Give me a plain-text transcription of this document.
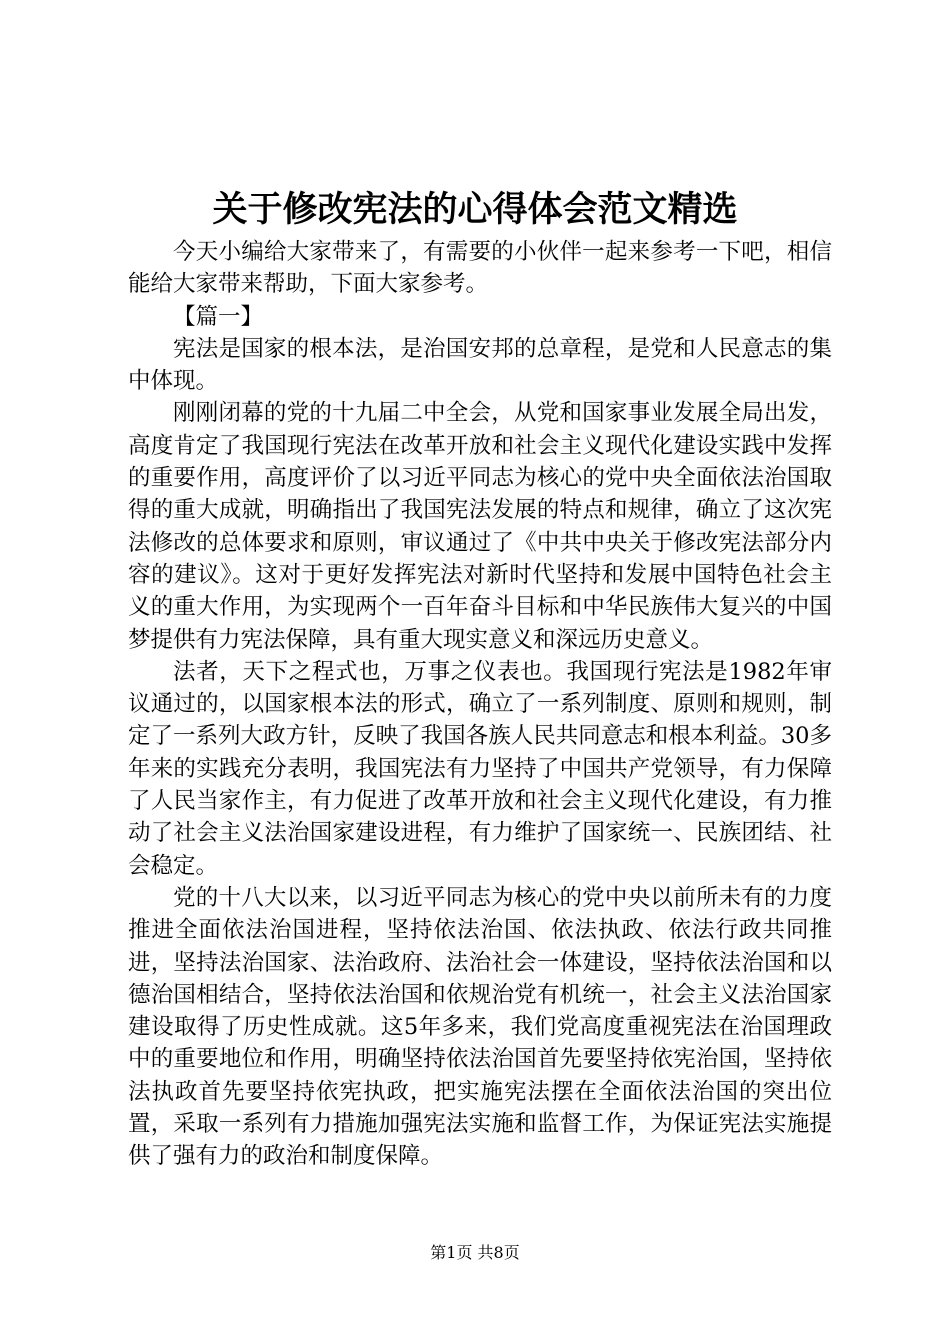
关于修改宪法的心得体会范文精选

今天小编给大家带来了，有需要的小伙伴一起来参考一下吧，相信能给大家带来帮助，下面大家参考。

【篇一】

宪法是国家的根本法，是治国安邦的总章程，是党和人民意志的集中体现。

刚刚闭幕的党的十九届二中全会，从党和国家事业发展全局出发，高度肯定了我国现行宪法在改革开放和社会主义现代化建设实践中发挥的重要作用，高度评价了以习近平同志为核心的党中央全面依法治国取得的重大成就，明确指出了我国宪法发展的特点和规律，确立了这次宪法修改的总体要求和原则，审议通过了《中共中央关于修改宪法部分内容的建议》。这对于更好发挥宪法对新时代坚持和发展中国特色社会主义的重大作用，为实现两个一百年奋斗目标和中华民族伟大复兴的中国梦提供有力宪法保障，具有重大现实意义和深远历史意义。

法者，天下之程式也，万事之仪表也。我国现行宪法是1982年审议通过的，以国家根本法的形式，确立了一系列制度、原则和规则，制定了一系列大政方针，反映了我国各族人民共同意志和根本利益。30多年来的实践充分表明，我国宪法有力坚持了中国共产党领导，有力保障了人民当家作主，有力促进了改革开放和社会主义现代化建设，有力推动了社会主义法治国家建设进程，有力维护了国家统一、民族团结、社会稳定。

党的十八大以来，以习近平同志为核心的党中央以前所未有的力度推进全面依法治国进程，坚持依法治国、依法执政、依法行政共同推进，坚持法治国家、法治政府、法治社会一体建设，坚持依法治国和以德治国相结合，坚持依法治国和依规治党有机统一，社会主义法治国家建设取得了历史性成就。这5年多来，我们党高度重视宪法在治国理政中的重要地位和作用，明确坚持依法治国首先要坚持依宪治国，坚持依法执政首先要坚持依宪执政，把实施宪法摆在全面依法治国的突出位置，采取一系列有力措施加强宪法实施和监督工作，为保证宪法实施提供了强有力的政治和制度保障。

第1页 共8页
